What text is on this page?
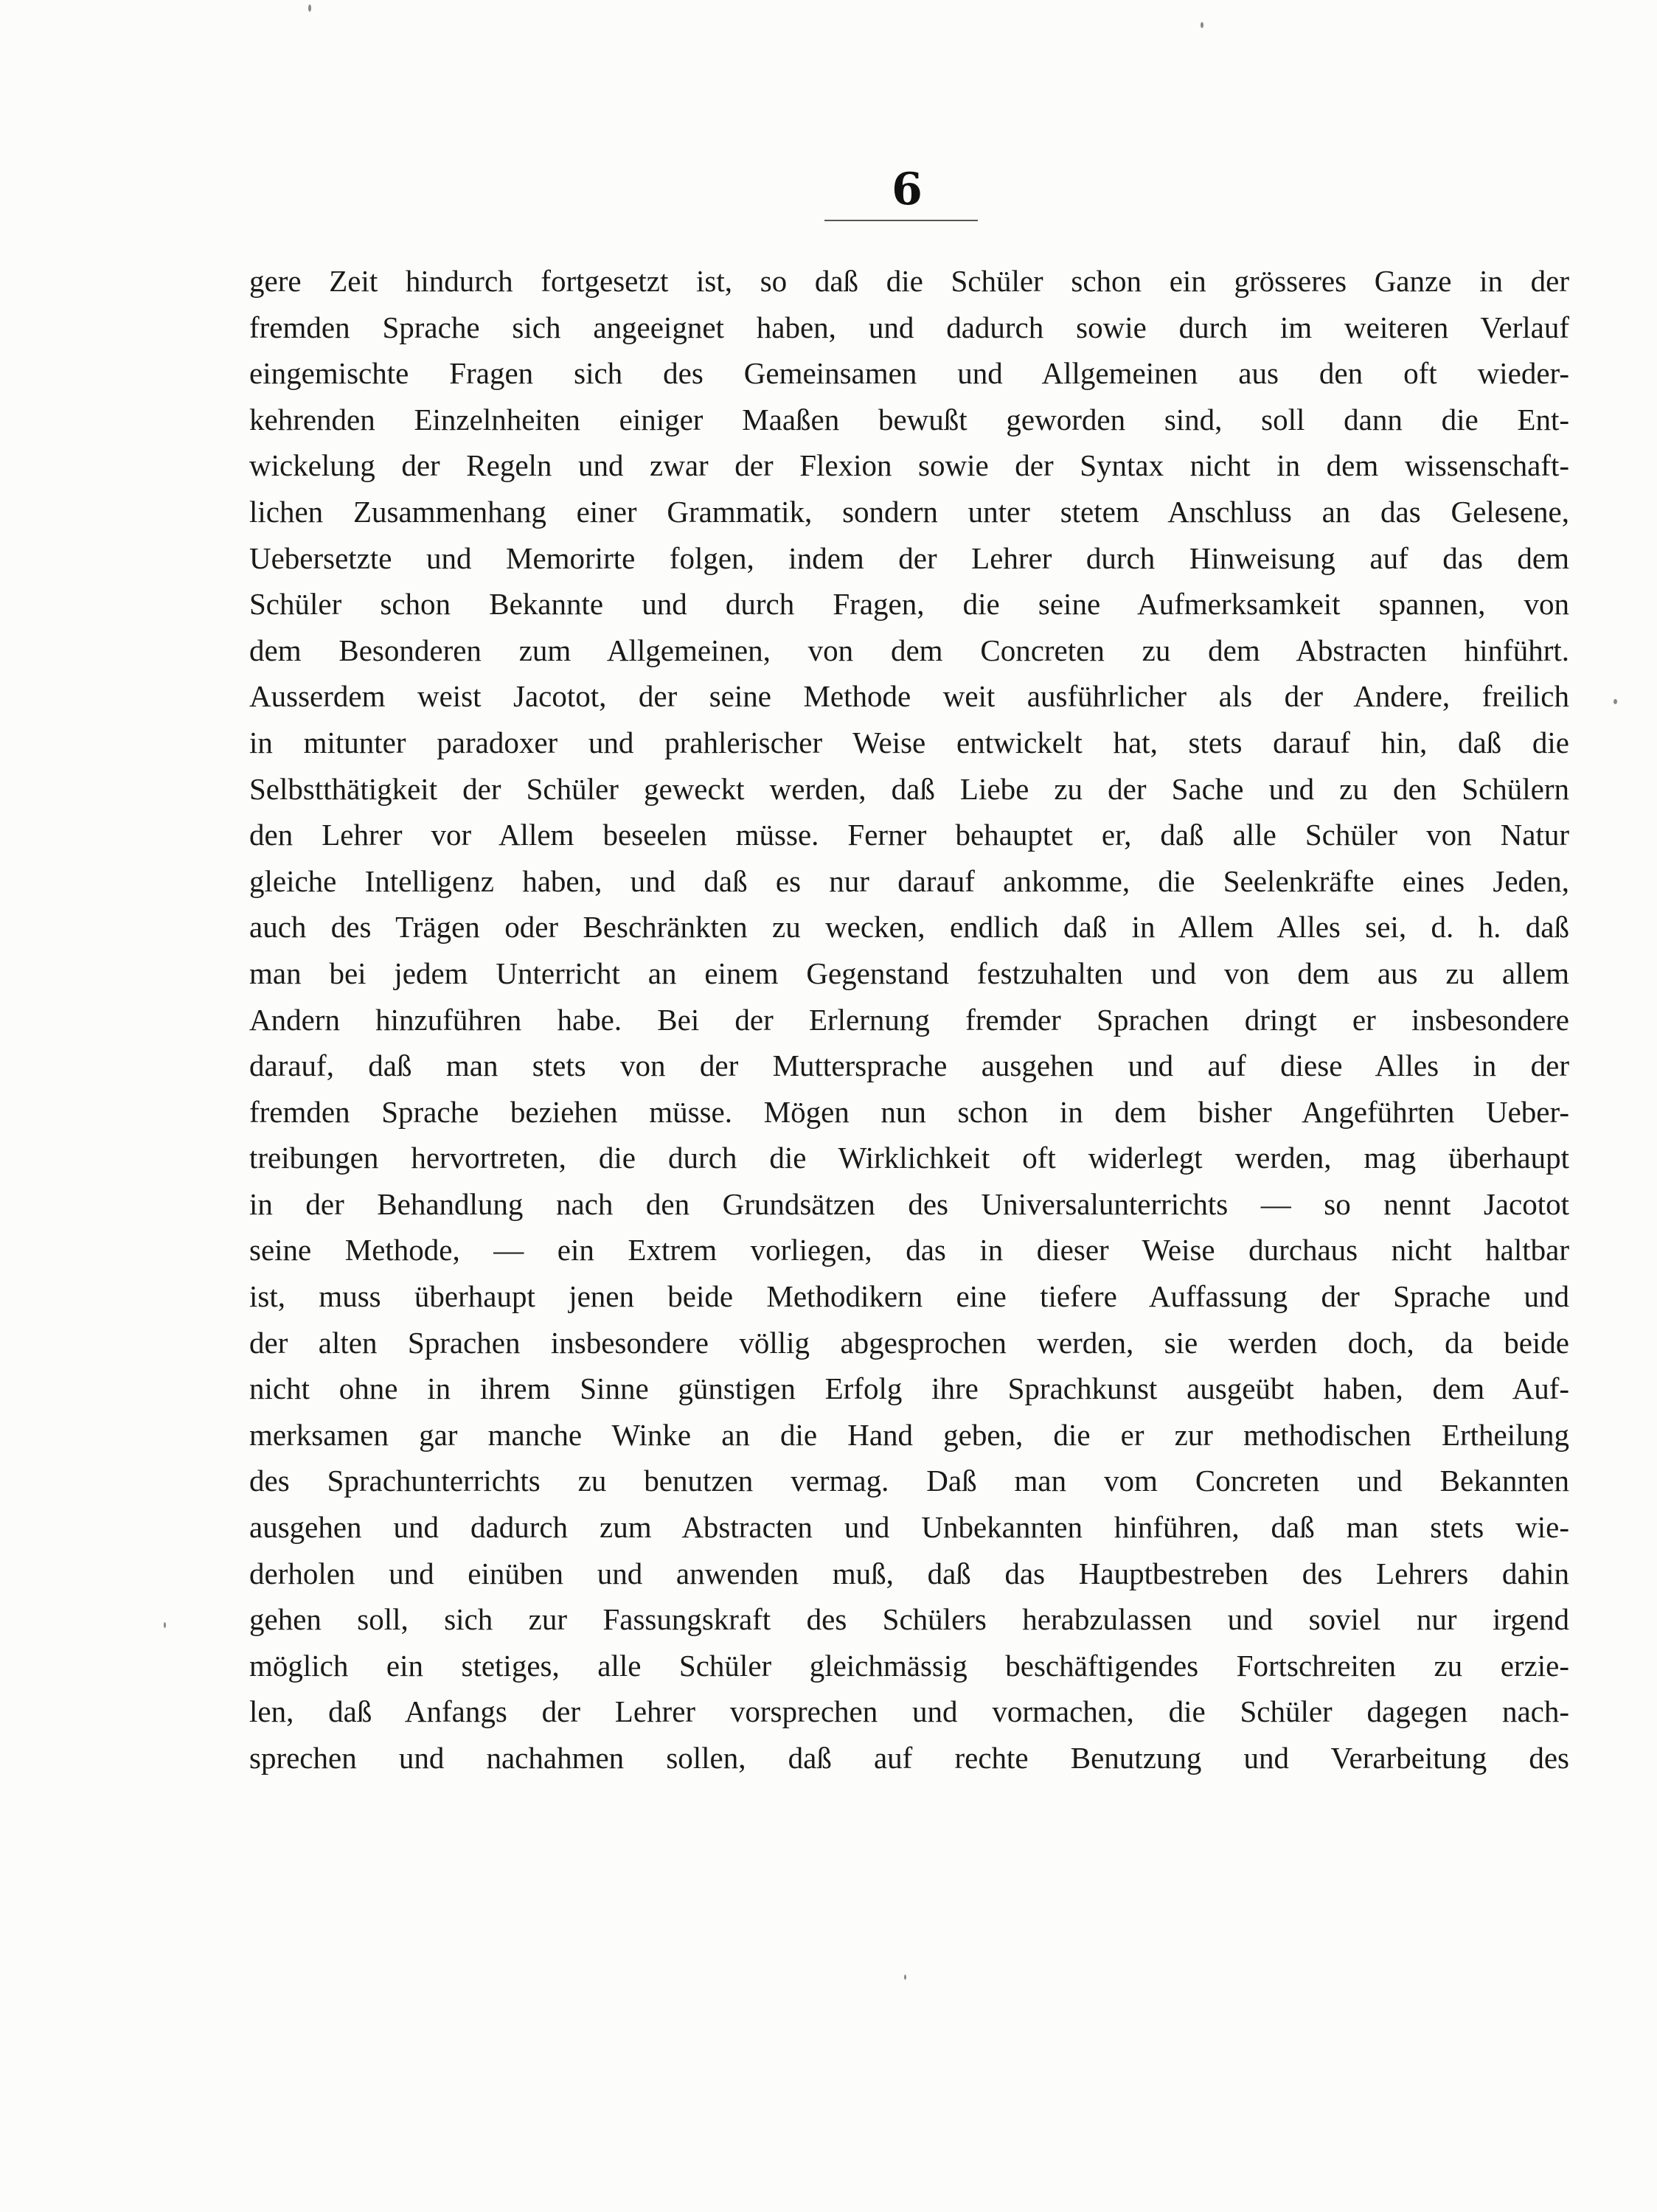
6
gere Zeit hindurch fortgesetzt ist, so daß die Schüler schon ein grösseres Ganze in der
fremden Sprache sich angeeignet haben, und dadurch sowie durch im weiteren Verlauf
eingemischte Fragen sich des Gemeinsamen und Allgemeinen aus den oft wieder-
kehrenden Einzelnheiten einiger Maaßen bewußt geworden sind, soll dann die Ent-
wickelung der Regeln und zwar der Flexion sowie der Syntax nicht in dem wissenschaft-
lichen Zusammenhang einer Grammatik, sondern unter stetem Anschluss an das Gelesene,
Uebersetzte und Memorirte folgen, indem der Lehrer durch Hinweisung auf das dem
Schüler schon Bekannte und durch Fragen, die seine Aufmerksamkeit spannen, von
dem Besonderen zum Allgemeinen, von dem Concreten zu dem Abstracten hinführt.
Ausserdem weist Jacotot, der seine Methode weit ausführlicher als der Andere, freilich
in mitunter paradoxer und prahlerischer Weise entwickelt hat, stets darauf hin, daß die
Selbstthätigkeit der Schüler geweckt werden, daß Liebe zu der Sache und zu den Schülern
den Lehrer vor Allem beseelen müsse. Ferner behauptet er, daß alle Schüler von Natur
gleiche Intelligenz haben, und daß es nur darauf ankomme, die Seelenkräfte eines Jeden,
auch des Trägen oder Beschränkten zu wecken, endlich daß in Allem Alles sei, d. h. daß
man bei jedem Unterricht an einem Gegenstand festzuhalten und von dem aus zu allem
Andern hinzuführen habe. Bei der Erlernung fremder Sprachen dringt er insbesondere
darauf, daß man stets von der Muttersprache ausgehen und auf diese Alles in der
fremden Sprache beziehen müsse. Mögen nun schon in dem bisher Angeführten Ueber-
treibungen hervortreten, die durch die Wirklichkeit oft widerlegt werden, mag überhaupt
in der Behandlung nach den Grundsätzen des Universalunterrichts — so nennt Jacotot
seine Methode, — ein Extrem vorliegen, das in dieser Weise durchaus nicht haltbar
ist, muss überhaupt jenen beide Methodikern eine tiefere Auffassung der Sprache und
der alten Sprachen insbesondere völlig abgesprochen werden, sie werden doch, da beide
nicht ohne in ihrem Sinne günstigen Erfolg ihre Sprachkunst ausgeübt haben, dem Auf-
merksamen gar manche Winke an die Hand geben, die er zur methodischen Ertheilung
des Sprachunterrichts zu benutzen vermag. Daß man vom Concreten und Bekannten
ausgehen und dadurch zum Abstracten und Unbekannten hinführen, daß man stets wie-
derholen und einüben und anwenden muß, daß das Hauptbestreben des Lehrers dahin
gehen soll, sich zur Fassungskraft des Schülers herabzulassen und soviel nur irgend
möglich ein stetiges, alle Schüler gleichmässig beschäftigendes Fortschreiten zu erzie-
len, daß Anfangs der Lehrer vorsprechen und vormachen, die Schüler dagegen nach-
sprechen und nachahmen sollen, daß auf rechte Benutzung und Verarbeitung des
